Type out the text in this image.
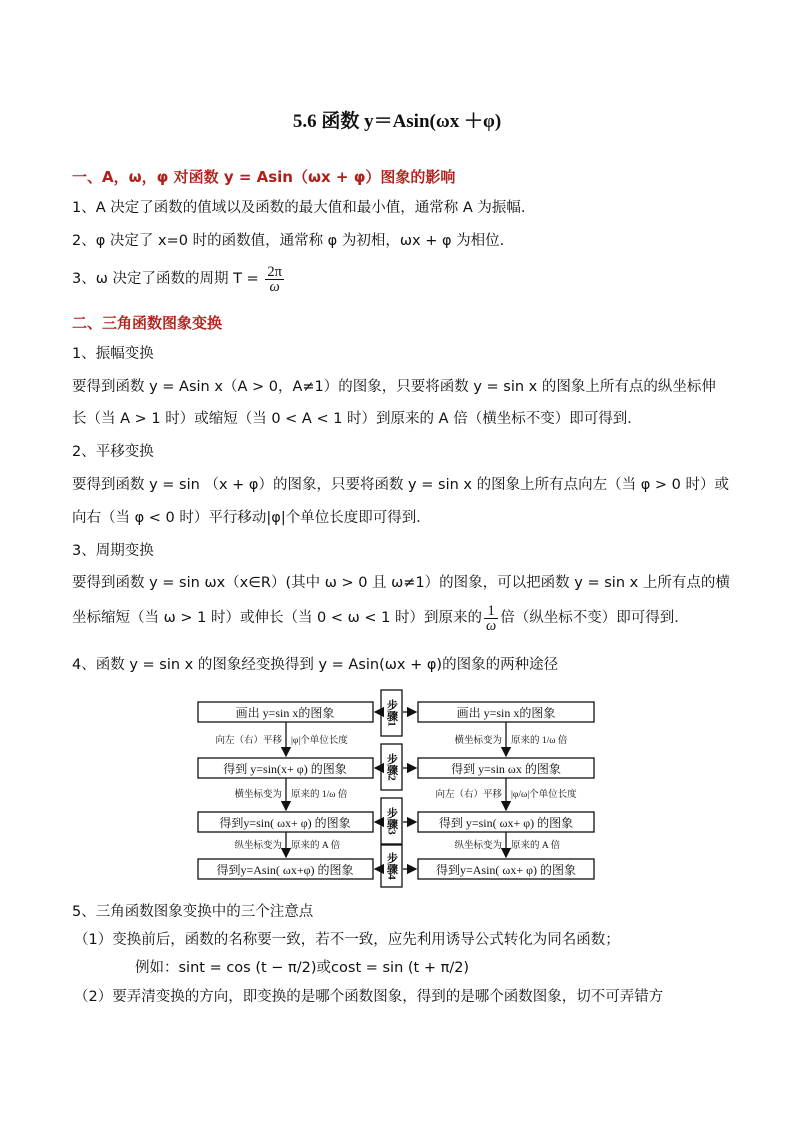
5.6 函数 y＝Asin(ωx ＋φ)
一、A，ω，φ 对函数 y = Asin（ωx + φ）图象的影响
1、A 决定了函数的值域以及函数的最大值和最小值，通常称 A 为振幅.
2、φ 决定了 x=0 时的函数值，通常称 φ 为初相，ωx + φ 为相位.
3、ω 决定了函数的周期 $T = \frac{2\pi}{\omega}$
二、三角函数图象变换
1、振幅变换
要得到函数 y = Asin x（A > 0，A≠1）的图象，只要将函数 y = sin x 的图象上所有点的纵坐标伸
长（当 A > 1 时）或缩短（当 0 < A < 1 时）到原来的 A 倍（横坐标不变）即可得到．
2、平移变换
要得到函数 y = sin （x + φ）的图象，只要将函数 y = sin x 的图象上所有点向左（当 φ > 0 时）或
向右（当 φ < 0 时）平行移动|φ|个单位长度即可得到．
3、周期变换
要得到函数 y = sin ωx（x∈R）(其中 ω > 0 且 ω≠1）的图象，可以把函数 y = sin x 上所有点的横
坐标缩短（当 ω > 1 时）或伸长（当 0 < ω < 1 时）到原来的 $\frac{1}{\omega}$ 倍（纵坐标不变）即可得到．
4、函数 y = sin x 的图象经变换得到 y = Asin(ωx + φ)的图象的两种途径
画出 y=sin x的图象
得到 y=sin(x+ φ) 的图象
得到y=sin( ωx+ φ) 的图象
得到y=Asin( ωx+φ) 的图象
画出 y=sin x的图象
得到 y=sin ωx 的图象
得到 y=sin( ωx+ φ) 的图象
得到y=Asin( ωx+ φ) 的图象
向左（右）平移 |φ|个单位长度
横坐标变为 原来的 1/ω 倍
纵坐标变为 原来的 A 倍
横坐标变为 原来的 1/ω 倍
向左（右）平移 |φ/ω|个单位长度
纵坐标变为 原来的 A 倍
步骤1
步骤2
步骤3
步骤4
5、三角函数图象变换中的三个注意点
（1）变换前后，函数的名称要一致，若不一致，应先利用诱导公式转化为同名函数；
例如：sint = cos (t − π/2)或cost = sin (t + π/2)
（2）要弄清变换的方向，即变换的是哪个函数图象，得到的是哪个函数图象，切不可弄错方
